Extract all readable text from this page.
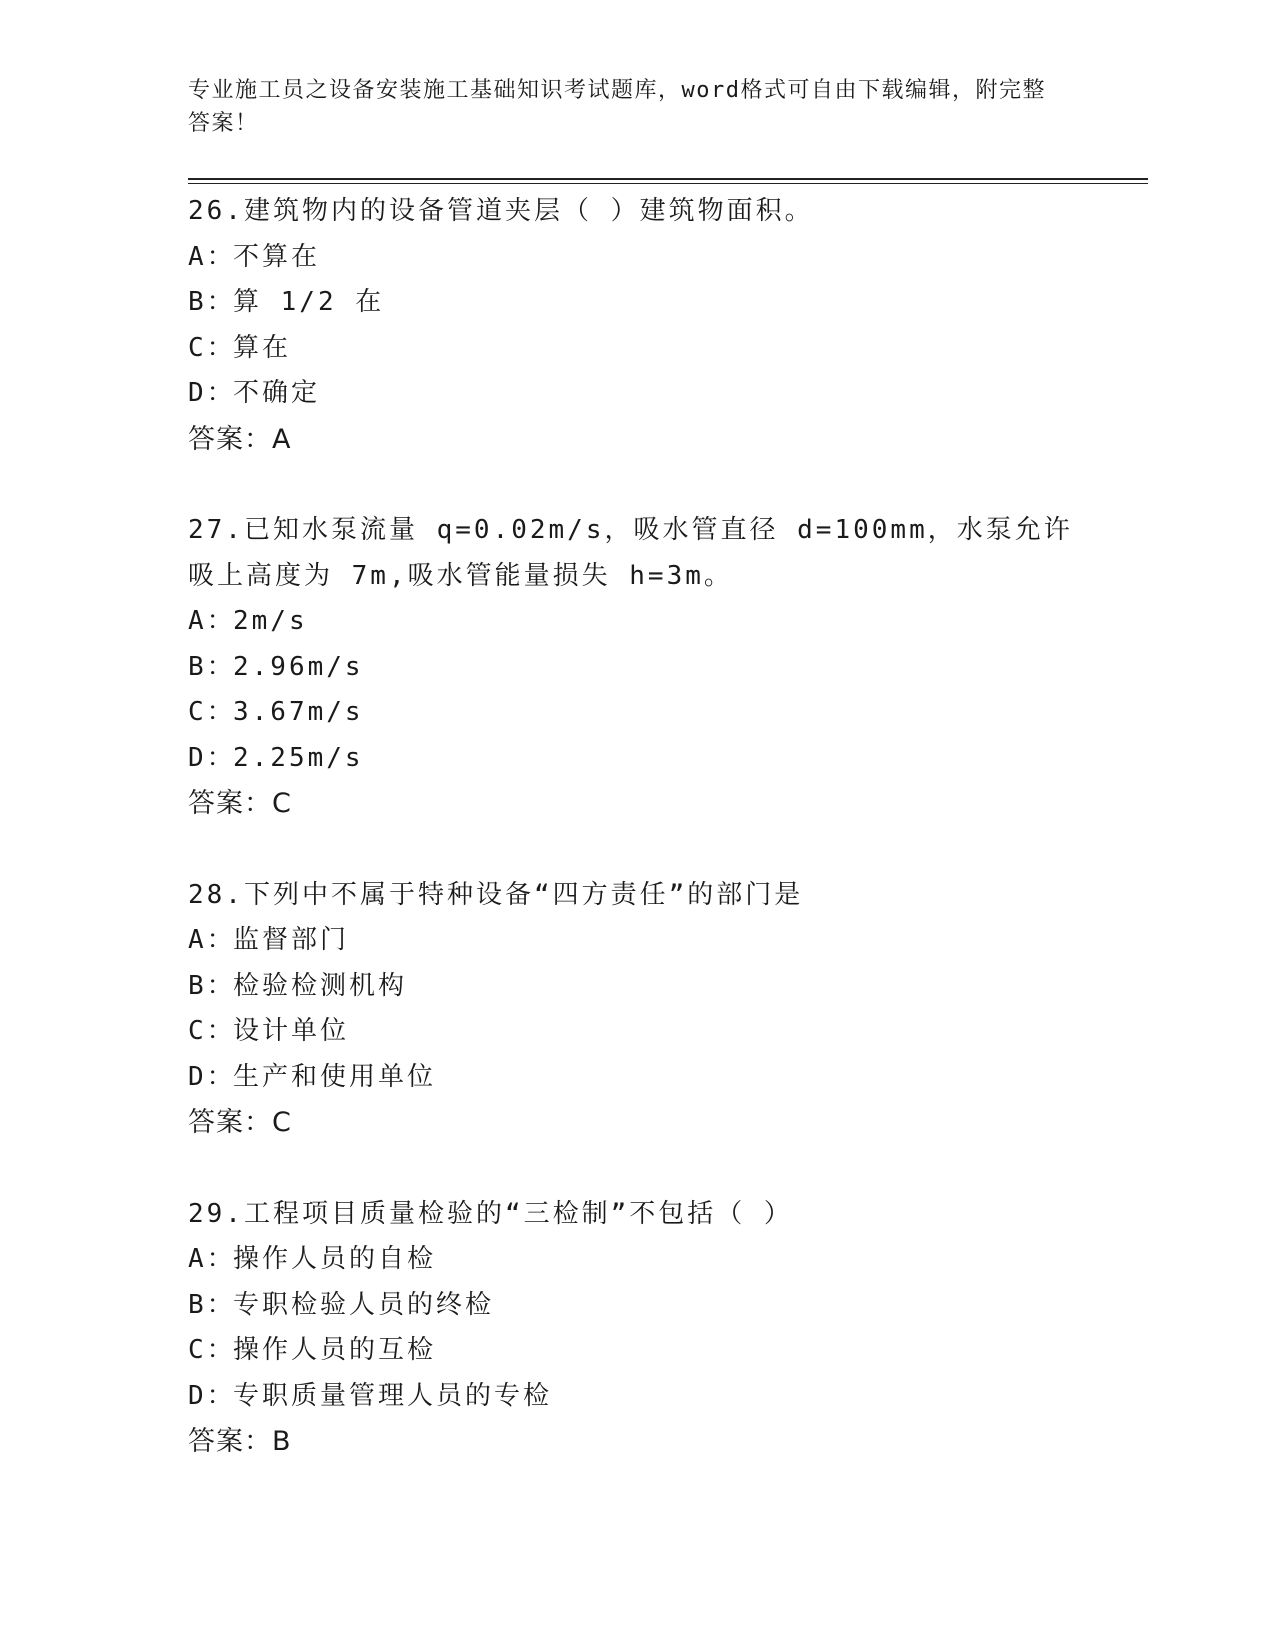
专业施工员之设备安装施工基础知识考试题库，word格式可自由下载编辑，附完整答案！
26.建筑物内的设备管道夹层（ ）建筑物面积。
A：
不算在
B：
算 1/2 在
C：
算在
D：
不确定
答案：A
27.已知水泵流量 q=0.02m/s，吸水管直径 d=100mm，水泵允许吸上高度为 7m,吸水管能量损失 h=3m。
A：
2m/s
B：
2.96m/s
C：
3.67m/s
D：
2.25m/s
答案：C
28.下列中不属于特种设备“四方责任”的部门是
A：
监督部门
B：
检验检测机构
C：
设计单位
D：
生产和使用单位
答案：C
29.工程项目质量检验的“三检制”不包括（ ）
A：
操作人员的自检
B：
专职检验人员的终检
C：
操作人员的互检
D：
专职质量管理人员的专检
答案：B
